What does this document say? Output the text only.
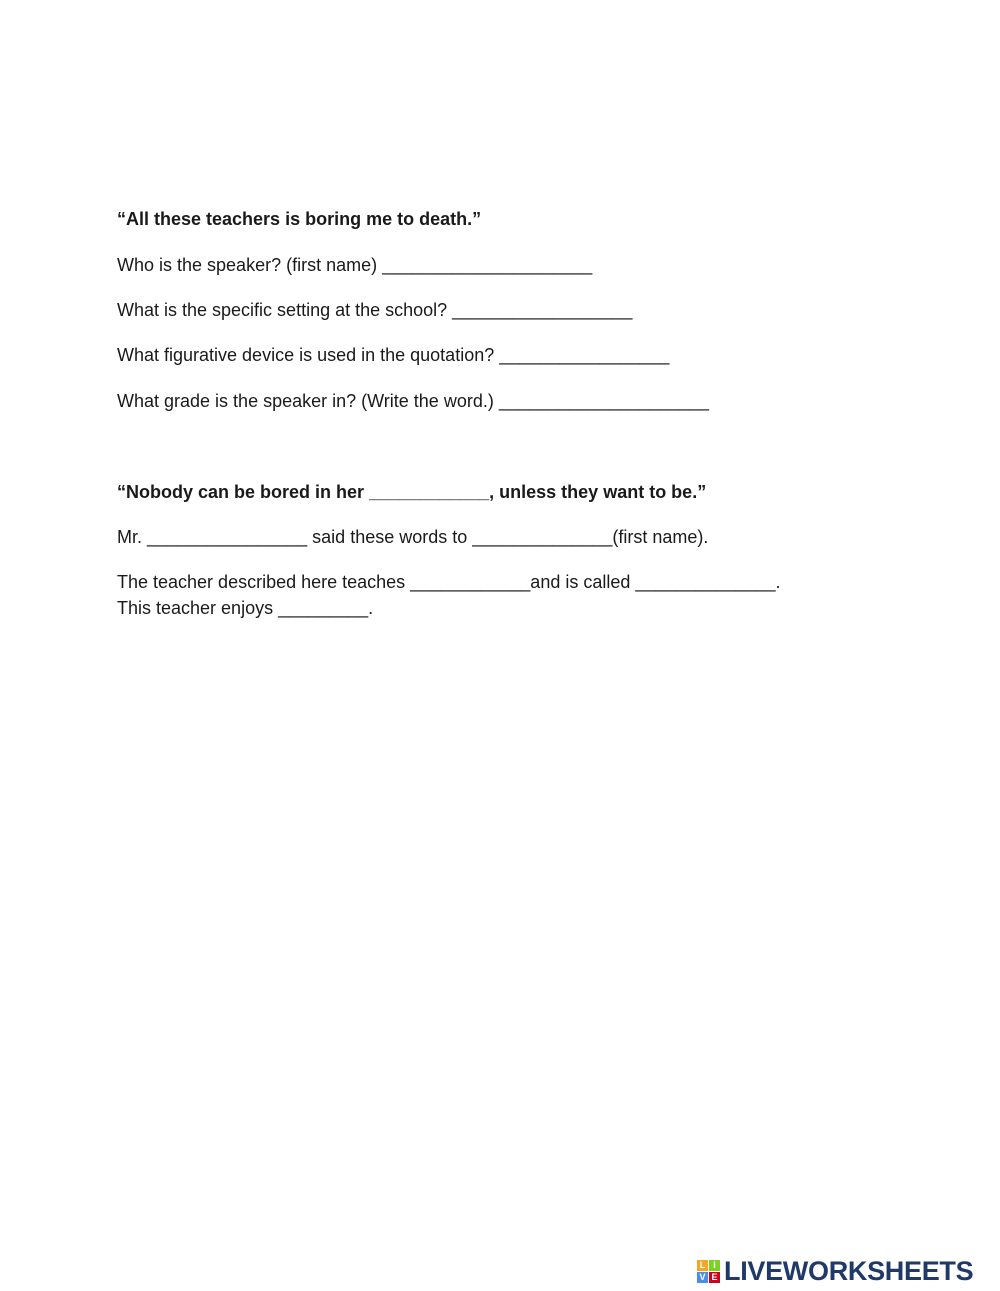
“All these teachers is boring me to death.”
Who is the speaker? (first name) _____________________
What is the specific setting at the school? __________________
What figurative device is used in the quotation? _________________
What grade is the speaker in? (Write the word.) _____________________
“Nobody can be bored in her ____________, unless they want to be.”
Mr. ________________ said these words to ______________(first name).
The teacher described here teaches ____________and is called ______________.
This teacher enjoys _________.
L I
V E LIVEWORKSHEETS
